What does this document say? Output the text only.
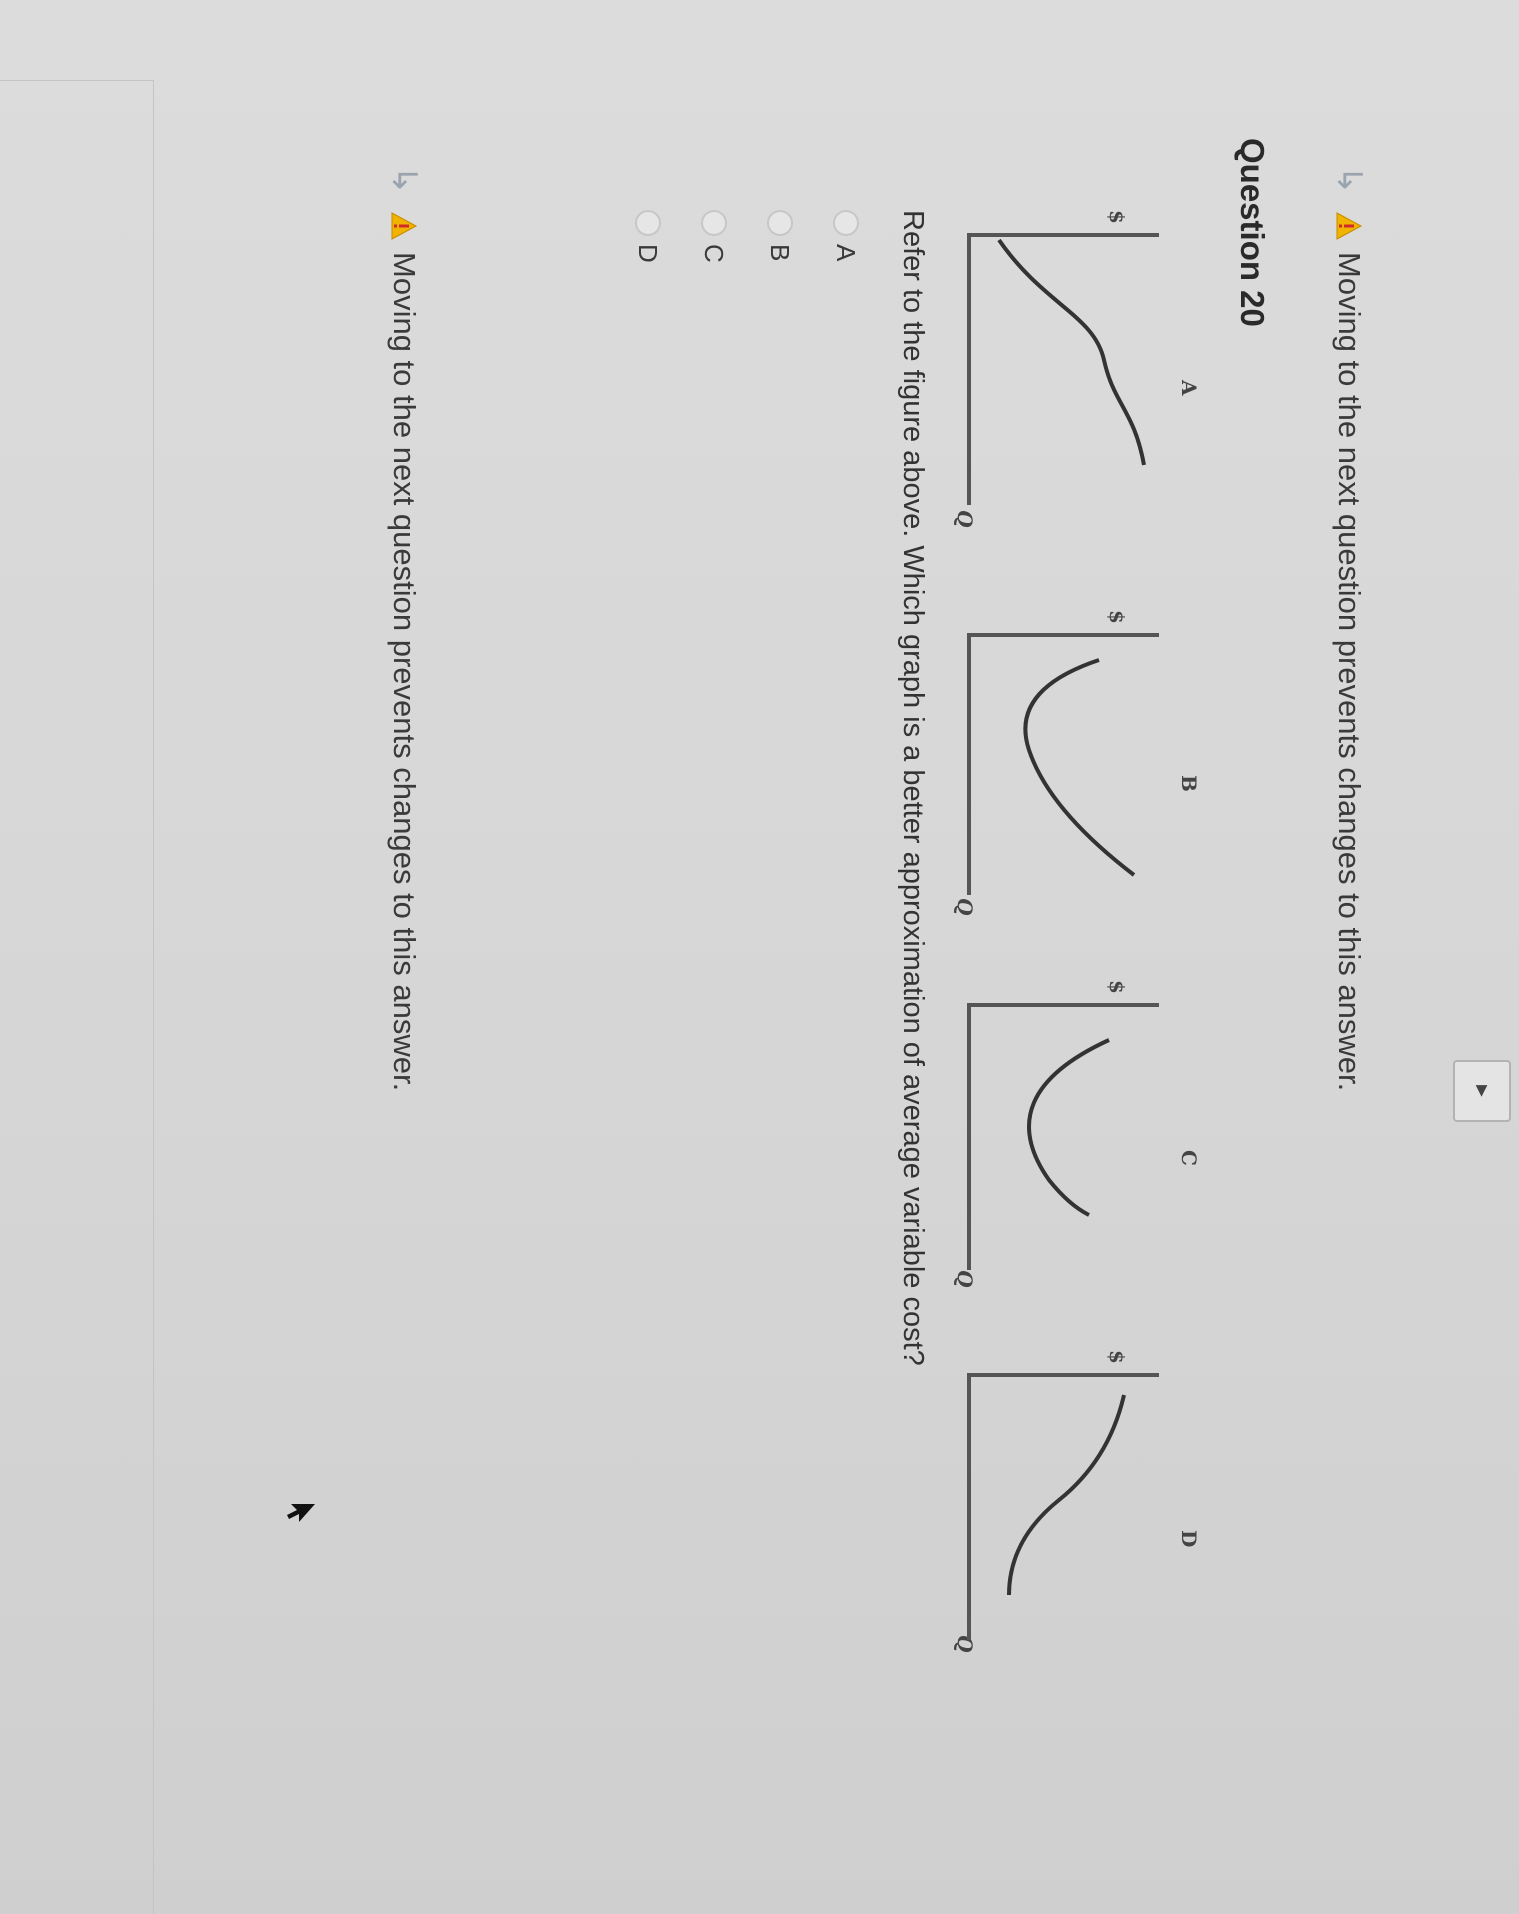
↳
Moving to the next question prevents changes to this answer.
Question 20
A
$
Q
B
$
Q
C
$
Q
D
$
Q
Refer to the figure above. Which graph is a better approximation of average variable cost?
A
B
C
D
↳
Moving to the next question prevents changes to this answer.	▼
